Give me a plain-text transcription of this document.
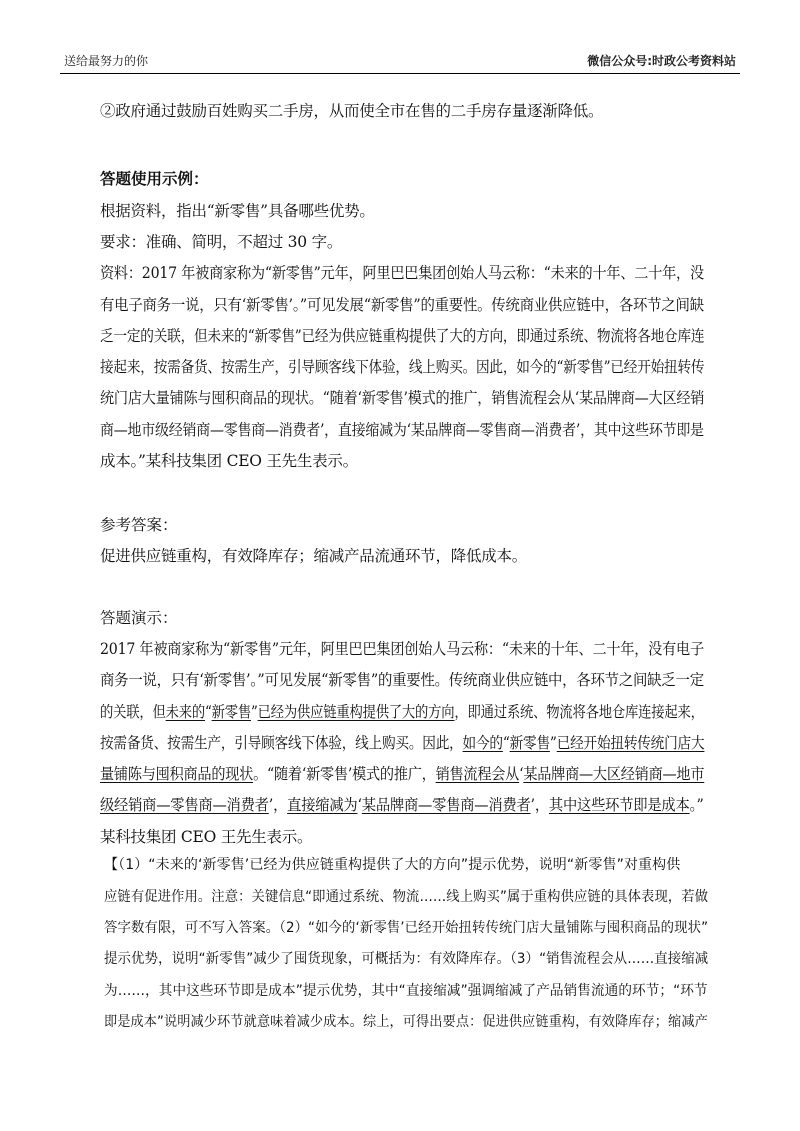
送给最努力的你	微信公众号:时政公考资料站
②政府通过鼓励百姓购买二手房，从而使全市在售的二手房存量逐渐降低。
答题使用示例：
根据资料，指出“新零售”具备哪些优势。
要求：准确、简明，不超过 30 字。
资料：2017 年被商家称为“新零售”元年，阿里巴巴集团创始人马云称：“未来的十年、二十年，没
有电子商务一说，只有‘新零售’。”可见发展“新零售”的重要性。传统商业供应链中，各环节之间缺
乏一定的关联，但未来的“新零售”已经为供应链重构提供了大的方向，即通过系统、物流将各地仓库连
接起来，按需备货、按需生产，引导顾客线下体验，线上购买。因此，如今的“新零售”已经开始扭转传
统门店大量铺陈与囤积商品的现状。“随着‘新零售’模式的推广，销售流程会从‘某品牌商—大区经销
商—地市级经销商—零售商—消费者’，直接缩减为‘某品牌商—零售商—消费者’，其中这些环节即是
成本。”某科技集团 CEO 王先生表示。
参考答案：
促进供应链重构，有效降库存；缩减产品流通环节，降低成本。
答题演示：
2017 年被商家称为“新零售”元年，阿里巴巴集团创始人马云称：“未来的十年、二十年，没有电子
商务一说，只有‘新零售’。”可见发展“新零售”的重要性。传统商业供应链中，各环节之间缺乏一定
的关联，但未来的“新零售”已经为供应链重构提供了大的方向，即通过系统、物流将各地仓库连接起来，
按需备货、按需生产，引导顾客线下体验，线上购买。因此，如今的“新零售”已经开始扭转传统门店大
量铺陈与囤积商品的现状。“随着‘新零售’模式的推广，销售流程会从‘某品牌商—大区经销商—地市
级经销商—零售商—消费者’，直接缩减为‘某品牌商—零售商—消费者’，其中这些环节即是成本。”
某科技集团 CEO 王先生表示。
【（1）“未来的‘新零售’已经为供应链重构提供了大的方向”提示优势，说明“新零售”对重构供
应链有促进作用。注意：关键信息“即通过系统、物流……线上购买”属于重构供应链的具体表现，若做
答字数有限，可不写入答案。（2）“如今的‘新零售’已经开始扭转传统门店大量铺陈与囤积商品的现状”
提示优势，说明“新零售”减少了囤货现象，可概括为：有效降库存。（3）“销售流程会从……直接缩减
为……，其中这些环节即是成本”提示优势，其中“直接缩减”强调缩减了产品销售流通的环节；“环节
即是成本”说明减少环节就意味着减少成本。综上，可得出要点：促进供应链重构，有效降库存；缩减产
